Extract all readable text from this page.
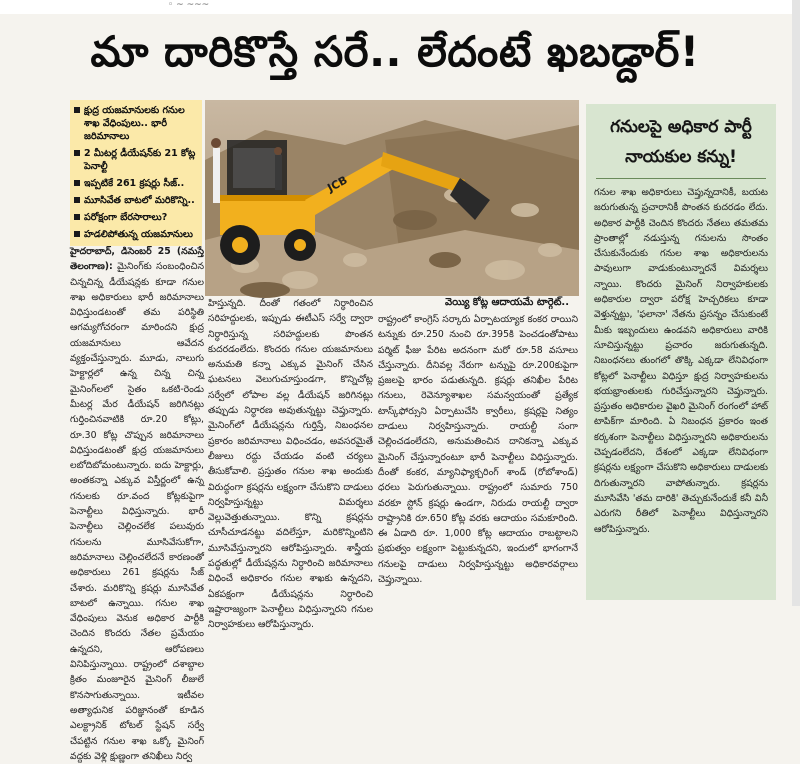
◦ ~ ~~~
మా దారికొస్తే సరే.. లేదంటే ఖబడ్దార్‌!
క్షుద్ర యజమానులకు గనుల శాఖ వేధింపులు.. భారీ జరిమానాలు
2 మీటర్ల డీయేషన్‌కు 21 కోట్ల పెనాల్టీ
ఇప్పటికే 261 క్రషర్లు సీజ్‌..
మూసివేత బాటలో మరికొన్ని..
పరోక్షంగా బేరసారాలు?
హడలిపోతున్న యజమానులు
JCB
వెయ్యి కోట్ల ఆదాయమే టార్గెట్‌..

హైదరాబాద్‌, డిసెంబర్‌ 25 (నమస్తే తెలంగాణ): మైనింగ్‌కు సంబంధించిన చిన్నచిన్న డీయేషన్లకు కూడా గనుల శాఖ అధికారులు భారీ జరిమానాలు విధిస్తుండటంతో తమ పరిస్థితి ఆగమ్యగోచరంగా మారిందని క్షుద్ర యజమానులు ఆవేదన వ్యక్తంచేస్తున్నారు. మూడు, నాలుగు హెక్టార్లలో ఉన్న చిన్న చిన్న మైనింగ్‌లలో సైతం ఒకటి-రెండు మీటర్ల మేర డీయేషన్‌ జరిగినట్లు గుర్తించినవాటికి రూ.20 కోట్లు, రూ.30 కోట్ల చొప్పున జరిమానాలు విధిస్తుండటంతో క్షుద్ర యజమానులు లబోదిబోమంటున్నారు. ఐదు హెక్టార్లు, అంతకన్నా ఎక్కువ విస్తీర్ణంలో ఉన్న గనులకు రూ.వంద కోట్లకుపైగా పెనాల్టీలు విధిస్తున్నారు. భారీ పెనాల్టీలు చెల్లించలేక పలువురు గనులను మూసివేసుకోగా, జరిమానాలు చెల్లించలేదనే కారణంతో అధికారులు 261 క్రషర్లను సీజ్‌ చేశారు. మరికొన్ని క్రషర్లు మూసివేత బాటలో ఉన్నాయి. గనుల శాఖ వేధింపులు వెనుక అధికార పార్టీకి చెందిన కొందరు నేతల ప్రమేయం ఉన్నదని, ఆరోపణలు వినిపిస్తున్నాయి. రాష్ట్రంలో దశాబ్దాల క్రితం మంజూరైన మైనింగ్‌ లీజులే కొనసాగుతున్నాయి. ఇటీవల అత్యాధునిక పరిజ్ఞానంతో కూడిన ఎలక్ట్రానిక్‌ టోటల్‌ స్టేషన్‌ సర్వే చేపట్టిన గనుల శాఖ ఒక్కో మైనింగ్‌ వద్దకు వెళ్లి క్షుణ్ణంగా తనిఖీలు నిర్వ

హిస్తున్నది. దీంతో గతంలో నిర్ధారించిన సరిహద్దులకు, ఇప్పుడు ఈటీఎస్‌ సర్వే ద్వారా నిర్ధారిస్తున్న సరిహద్దులకు పొంతన కుదరడంలేదు. కొందరు గనుల యజమానులు అనుమతి కన్నా ఎక్కువ మైనింగ్‌ చేసిన ఘటనలు వెలుగుచూస్తుండగా, కొన్నిచోట్ల సర్వేలో లోపాల వల్ల డీయేషన్‌ జరిగినట్లు తప్పుడు నిర్ధారణ అవుతున్నట్టు చెప్తున్నారు. మైనింగ్‌లో డీయేషన్లను గుర్తిస్తే, నిబంధనల ప్రకారం జరిమానాలు విధించడం, అవసరమైతే లీజులు రద్దు చేయడం వంటి చర్యలు తీసుకోవాలి. ప్రస్తుతం గనుల శాఖ అందుకు విరుద్ధంగా క్రషర్లను లక్ష్యంగా చేసుకొని దాడులు నిర్వహిస్తున్నట్టు విమర్శలు వెల్లువెత్తుతున్నాయి. కొన్ని క్రషర్లను చూసీచూడనట్టు వదిలేస్తూ, మరికొన్నింటిని మూసివేస్తున్నారని ఆరోపిస్తున్నారు. శాస్త్రీయ పద్ధతుల్లో డీయేషన్లను నిర్ధారించి జరిమానాలు విధించే అధికారం గనుల శాఖకు ఉన్నదని, ఏకపక్షంగా డీయేషన్లను నిర్ధారించి ఇష్టారాజ్యంగా పెనాల్టీలు విధిస్తున్నారని గనుల నిర్వాహకులు ఆరోపిస్తున్నారు.

రాష్ట్రంలో కాంగ్రెస్‌ సర్కారు ఏర్పాటయ్యాక కంకర రాయిని టన్నుకు రూ.250 నుంచి రూ.395కి పెంచడంతోపాటు పర్మిట్‌ ఫీజు పేరిట అదనంగా మరో రూ.58 వసూలు చేస్తున్నారు. దీనివల్ల నేరుగా టన్నుపై రూ.200కుపైగా ప్రజలపై భారం పడుతున్నది. క్రషర్లు తనిఖీల పేరిట గనులు, రెవెన్యూశాఖల సమన్వయంతో ప్రత్యేక టాస్క్‌ఫోర్సుని ఏర్పాటుచేసి క్వారీలు, క్రషర్లపై నిత్యం దాడులు నిర్వహిస్తున్నారు. రాయల్టీ సంగా చెల్లించడంలేదని, అనుమతించిన దానికన్నా ఎక్కువ మైనింగ్‌ చేస్తున్నారంటూ భారీ పెనాల్టీలు విధిస్తున్నారు. దీంతో కంకర, మ్యానిఫ్యాక్చరింగ్‌ శాండ్‌ (రోబోశాండ్‌) ధరలు పెరుగుతున్నాయి. రాష్ట్రంలో సుమారు 750 వరకూ స్టోన్‌ క్రషర్లు ఉండగా, నిరుడు రాయల్టీ ద్వారా రాష్ట్రానికి రూ.650 కోట్ల వరకు ఆదాయం సమకూరింది. ఈ ఏడాది రూ. 1,000 కోట్ల ఆదాయం రాబట్టాలని ప్రభుత్వం లక్ష్యంగా పెట్టుకున్నదని, ఇందులో భాగంగానే గనులపై దాడులు నిర్వహిస్తున్నట్టు అధికారవర్గాలు చెప్తున్నాయి.

గనులపై అధికార పార్టీ నాయకుల కన్ను!
గనుల శాఖ అధికారులు చెప్తున్నదానికీ, బయట జరుగుతున్న ప్రచారానికీ పొంతన కుదరడం లేదు. అధికార పార్టీకి చెందిన కొందరు నేతలు తమతమ ప్రాంతాల్లో నడుస్తున్న గనులను సొంతం చేసుకునేందుకు గనుల శాఖ అధికారులను పావులుగా వాడుకుంటున్నారనే విమర్శలు న్నాయి. కొందరు మైనింగ్‌ నిర్వాహకులకు అధికారుల ద్వారా పరోక్ష హెచ్చరికలు కూడా వెళ్తున్నట్టు, 'ఫలానా' నేతను ప్రసన్నం చేసుకుంటే మీకు ఇబ్బందులు ఉండవని అధికారులు వారికి సూచిస్తున్నట్టు ప్రచారం జరుగుతున్నది. నిబంధనలు తుంగలో తొక్కి ఎక్కడా లేనివిధంగా కోట్లలో పెనాల్టీలు విధిస్తూ క్షుద్ర నిర్వాహకులను భయభ్రాంతులకు గురిచేస్తున్నారని చెప్తున్నారు. ప్రస్తుతం అధికారుల వైఖరి మైనింగ్‌ రంగంలో హాట్‌ టాపిక్‌గా మారింది. ఏ నిబంధన ప్రకారం ఇంత కర్కశంగా పెనాల్టీలు విధిస్తున్నారని అధికారులను చెప్పడంలేదని, దేశంలో ఎక్కడా లేనివిధంగా క్రషర్లను లక్ష్యంగా చేసుకొని అధికారులు దాడులకు దిగుతున్నారని వాపోతున్నారు. క్రషర్లను మూసివేసి 'తమ దారికి' తెచ్చుకునేందుకే కనీ వినీ ఎరుగని రీతిలో పెనాల్టీలు విధిస్తున్నారని ఆరోపిస్తున్నారు.
